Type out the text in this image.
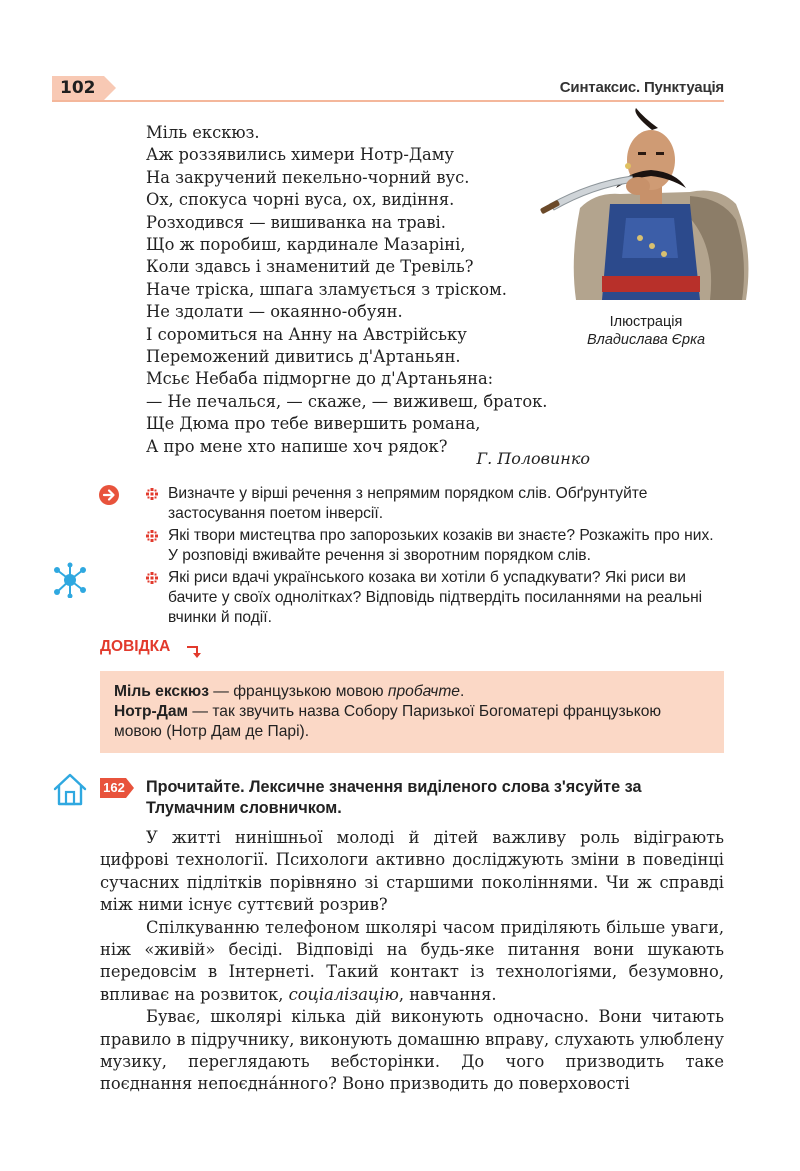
102	Синтаксис. Пунктуація
Міль екскюз.
Аж роззявились химери Нотр-Даму
На закручений пекельно-чорний вус.
Ох, спокуса чорні вуса, ох, видіння.
Розходився — вишиванка на траві.
Що ж поробиш, кардинале Мазаріні,
Коли здавсь і знаменитий де Тревіль?
Наче тріска, шпага зламується з тріском.
Не здолати — окаянно-обуян.
І соромиться на Анну на Австрійську
Переможений дивитись д'Артаньян.
Мсьє Небаба підморгне до д'Артаньяна:
— Не печалься, — скаже, — виживеш, браток.
Ще Дюма про тебе вивершить романа,
А про мене хто напише хоч рядок?
Г. Половинко
Ілюстрація
Владислава Єрка
Визначте у вірші речення з непрямим порядком слів. Обґрунтуйте застосування поетом інверсії.
Які твори мистецтва про запорозьких козаків ви знаєте? Розкажіть про них. У розповіді вживайте речення зі зворотним порядком слів.
Які риси вдачі українського козака ви хотіли б успадкувати? Які риси ви бачите у своїх однолітках? Відповідь підтвердіть посиланнями на реальні вчинки й події.
ДОВІДКА
Міль екскюз — французькою мовою пробачте.
Нотр-Дам — так звучить назва Собору Паризької Богоматері французькою мовою (Нотр Дам де Парі).
162 Прочитайте. Лексичне значення виділеного слова з'ясуйте за Тлумачним словничком.

У житті нинішньої молоді й дітей важливу роль відіграють цифрові технології. Психологи активно досліджують зміни в поведінці сучасних підлітків порівняно зі старшими поколіннями. Чи ж справді між ними існує суттєвий розрив?

Спілкуванню телефоном школярі часом приділяють більше уваги, ніж «живій» бесіді. Відповіді на будь-яке питання вони шукають передовсім в Інтернеті. Такий контакт із технологіями, безумовно, впливає на розвиток, соціалізацію, навчання.

Буває, школярі кілька дій виконують одночасно. Вони читають правило в підручнику, виконують домашню вправу, слухають улюблену музику, переглядають вебсторінки. До чого призводить таке поєднання непоєдна́нного? Воно призводить до поверховості
